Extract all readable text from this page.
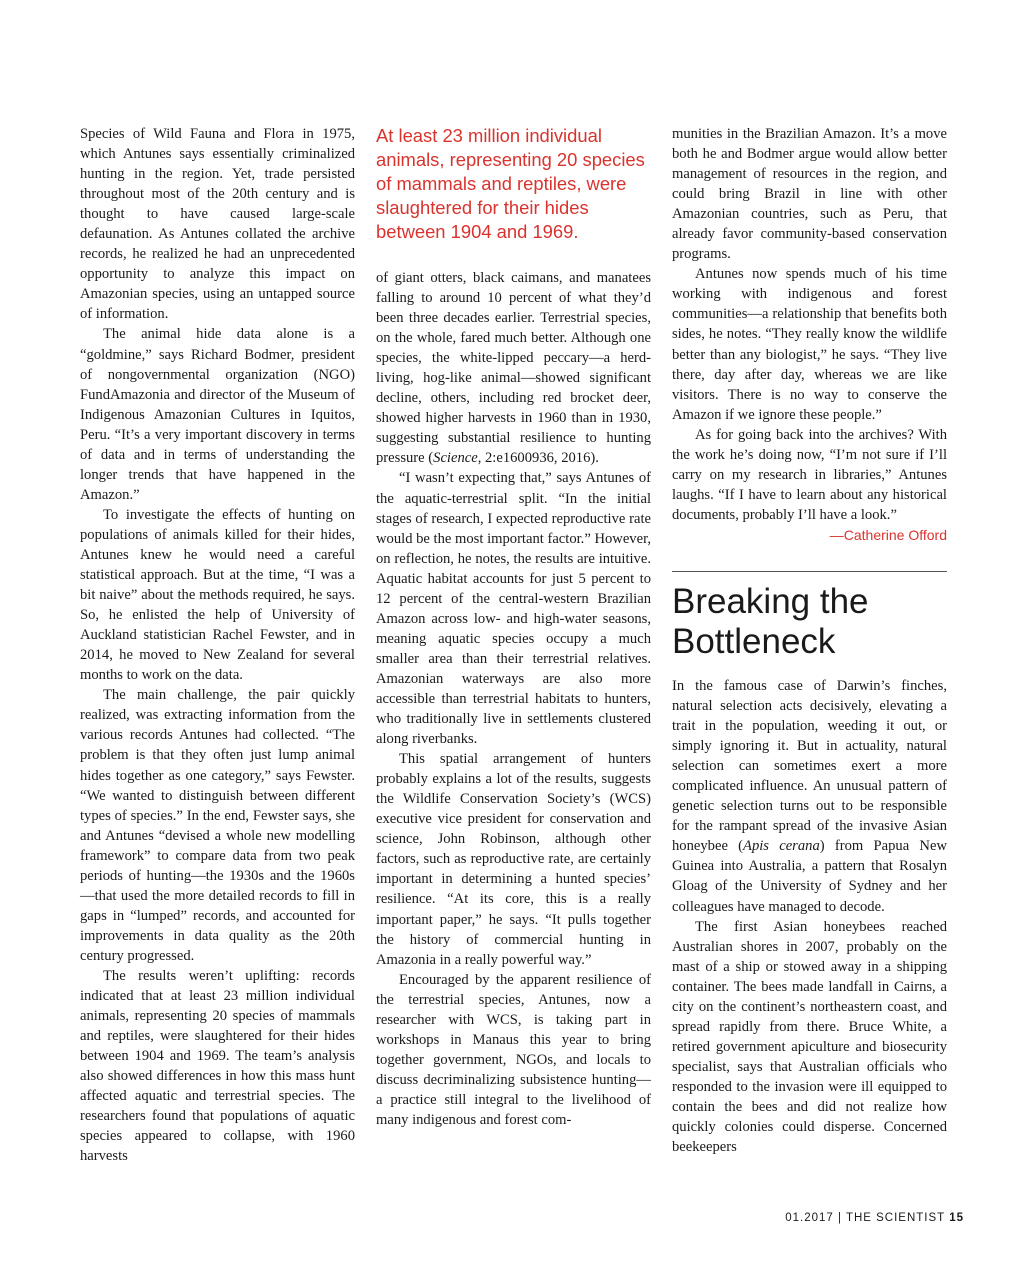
Species of Wild Fauna and Flora in 1975, which Antunes says essentially criminalized hunting in the region. Yet, trade persisted throughout most of the 20th century and is thought to have caused large-scale defaunation. As Antunes collated the archive records, he realized he had an unprecedented opportunity to analyze this impact on Amazonian species, using an untapped source of information.

The animal hide data alone is a “goldmine,” says Richard Bodmer, president of nongovernmental organization (NGO) FundAmazonia and director of the Museum of Indigenous Amazonian Cultures in Iquitos, Peru. “It’s a very important discovery in terms of data and in terms of understanding the longer trends that have happened in the Amazon.”

To investigate the effects of hunting on populations of animals killed for their hides, Antunes knew he would need a careful statistical approach. But at the time, “I was a bit naive” about the methods required, he says. So, he enlisted the help of University of Auckland statistician Rachel Fewster, and in 2014, he moved to New Zealand for several months to work on the data.

The main challenge, the pair quickly realized, was extracting information from the various records Antunes had collected. “The problem is that they often just lump animal hides together as one category,” says Fewster. “We wanted to distinguish between different types of species.” In the end, Fewster says, she and Antunes “devised a whole new modelling framework” to compare data from two peak periods of hunting—the 1930s and the 1960s—that used the more detailed records to fill in gaps in “lumped” records, and accounted for improvements in data quality as the 20th century progressed.

The results weren’t uplifting: records indicated that at least 23 million individual animals, representing 20 species of mammals and reptiles, were slaughtered for their hides between 1904 and 1969. The team’s analysis also showed differences in how this mass hunt affected aquatic and terrestrial species. The researchers found that populations of aquatic species appeared to collapse, with 1960 harvests

At least 23 million individual animals, representing 20 species of mammals and reptiles, were slaughtered for their hides between 1904 and 1969.

of giant otters, black caimans, and manatees falling to around 10 percent of what they’d been three decades earlier. Terrestrial species, on the whole, fared much better. Although one species, the white-lipped peccary—a herd-living, hog-like animal—showed significant decline, others, including red brocket deer, showed higher harvests in 1960 than in 1930, suggesting substantial resilience to hunting pressure (Science, 2:e1600936, 2016).

“I wasn’t expecting that,” says Antunes of the aquatic-terrestrial split. “In the initial stages of research, I expected reproductive rate would be the most important factor.” However, on reflection, he notes, the results are intuitive. Aquatic habitat accounts for just 5 percent to 12 percent of the central-western Brazilian Amazon across low- and high-water seasons, meaning aquatic species occupy a much smaller area than their terrestrial relatives. Amazonian waterways are also more accessible than terrestrial habitats to hunters, who traditionally live in settlements clustered along riverbanks.

This spatial arrangement of hunters probably explains a lot of the results, suggests the Wildlife Conservation Society’s (WCS) executive vice president for conservation and science, John Robinson, although other factors, such as reproductive rate, are certainly important in determining a hunted species’ resilience. “At its core, this is a really important paper,” he says. “It pulls together the history of commercial hunting in Amazonia in a really powerful way.”

Encouraged by the apparent resilience of the terrestrial species, Antunes, now a researcher with WCS, is taking part in workshops in Manaus this year to bring together government, NGOs, and locals to discuss decriminalizing subsistence hunting—a practice still integral to the livelihood of many indigenous and forest com-

munities in the Brazilian Amazon. It’s a move both he and Bodmer argue would allow better management of resources in the region, and could bring Brazil in line with other Amazonian countries, such as Peru, that already favor community-based conservation programs.

Antunes now spends much of his time working with indigenous and forest communities—a relationship that benefits both sides, he notes. “They really know the wildlife better than any biologist,” he says. “They live there, day after day, whereas we are like visitors. There is no way to conserve the Amazon if we ignore these people.”

As for going back into the archives? With the work he’s doing now, “I’m not sure if I’ll carry on my research in libraries,” Antunes laughs. “If I have to learn about any historical documents, probably I’ll have a look.”

—Catherine Offord

Breaking the Bottleneck

In the famous case of Darwin’s finches, natural selection acts decisively, elevating a trait in the population, weeding it out, or simply ignoring it. But in actuality, natural selection can sometimes exert a more complicated influence. An unusual pattern of genetic selection turns out to be responsible for the rampant spread of the invasive Asian honeybee (Apis cerana) from Papua New Guinea into Australia, a pattern that Rosalyn Gloag of the University of Sydney and her colleagues have managed to decode.

The first Asian honeybees reached Australian shores in 2007, probably on the mast of a ship or stowed away in a shipping container. The bees made landfall in Cairns, a city on the continent’s northeastern coast, and spread rapidly from there. Bruce White, a retired government apiculture and biosecurity specialist, says that Australian officials who responded to the invasion were ill equipped to contain the bees and did not realize how quickly colonies could disperse. Concerned beekeepers

01.2017 | THE SCIENTIST 15
